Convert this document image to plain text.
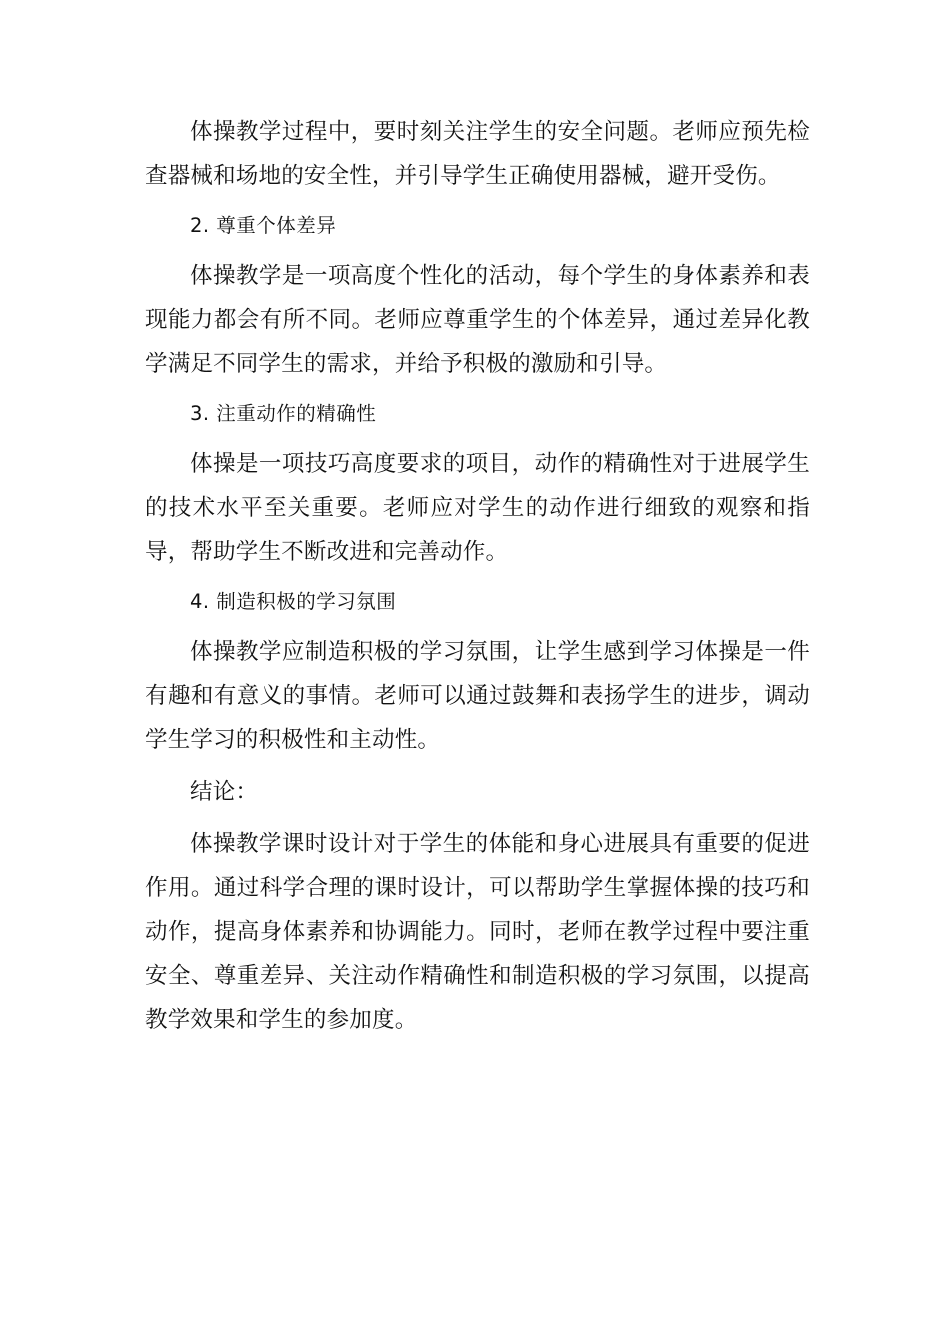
体操教学过程中，要时刻关注学生的安全问题。老师应预先检查器械和场地的安全性，并引导学生正确使用器械，避开受伤。

2. 尊重个体差异

体操教学是一项高度个性化的活动，每个学生的身体素养和表现能力都会有所不同。老师应尊重学生的个体差异，通过差异化教学满足不同学生的需求，并给予积极的激励和引导。

3. 注重动作的精确性

体操是一项技巧高度要求的项目，动作的精确性对于进展学生的技术水平至关重要。老师应对学生的动作进行细致的观察和指导，帮助学生不断改进和完善动作。

4. 制造积极的学习氛围

体操教学应制造积极的学习氛围，让学生感到学习体操是一件有趣和有意义的事情。老师可以通过鼓舞和表扬学生的进步，调动学生学习的积极性和主动性。

结论：

体操教学课时设计对于学生的体能和身心进展具有重要的促进作用。通过科学合理的课时设计，可以帮助学生掌握体操的技巧和动作，提高身体素养和协调能力。同时，老师在教学过程中要注重安全、尊重差异、关注动作精确性和制造积极的学习氛围，以提高教学效果和学生的参加度。
